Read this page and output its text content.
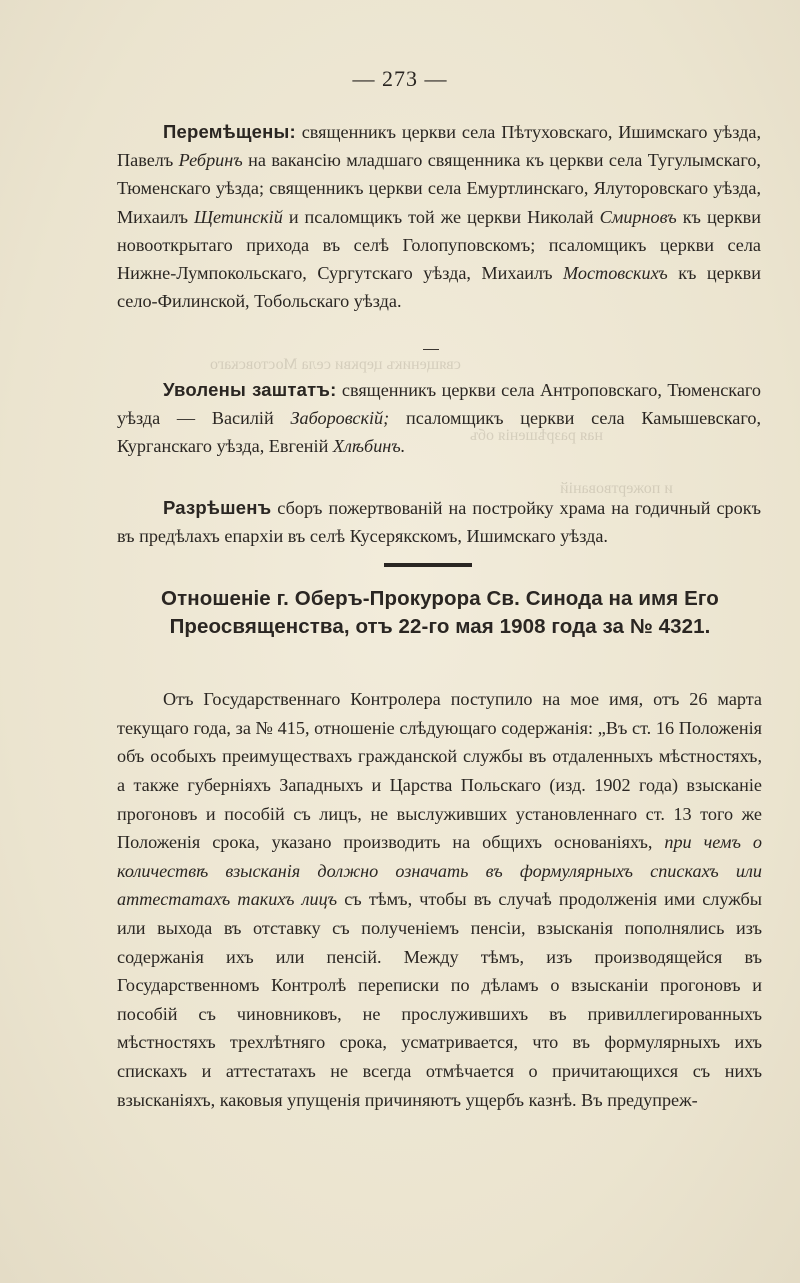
священикъ церкви села Мостовскаго
ная разрѣшенія объ
и пожертвованій
— 273 —

Перемѣщены: священникъ церкви села Пѣтуховскаго, Ишимскаго уѣзда, Павелъ Ребринъ на вакансію младшаго священника къ церкви села Тугулымскаго, Тюменскаго уѣзда; священникъ церкви села Емуртлинскаго, Ялуторовскаго уѣзда, Михаилъ Щетинскій и псаломщикъ той же церкви Николай Смирновъ къ церкви новооткрытаго прихода въ селѣ Голопуповскомъ; псаломщикъ церкви села Нижне-Лумпокольскаго, Сургутскаго уѣзда, Михаилъ Мостовскихъ къ церкви село-Филинской, Тобольскаго уѣзда.

Уволены заштатъ: священникъ церкви села Антроповскаго, Тюменскаго уѣзда — Василій Заборовскій; псаломщикъ церкви села Камышевскаго, Курганскаго уѣзда, Евгеній Хлѣбинъ.

Разрѣшенъ сборъ пожертвованій на постройку храма на годичный срокъ въ предѣлахъ епархіи въ селѣ Кусерякскомъ, Ишимскаго уѣзда.

Отношеніе г. Оберъ-Прокурора Св. Синода на имя Его Преосвященства, отъ 22-го мая 1908 года за № 4321.

Отъ Государственнаго Контролера поступило на мое имя, отъ 26 марта текущаго года, за № 415, отношеніе слѣдующаго содержанія: „Въ ст. 16 Положенія объ особыхъ преимуществахъ гражданской службы въ отдаленныхъ мѣстностяхъ, а также губерніяхъ Западныхъ и Царства Польскаго (изд. 1902 года) взысканіе прогоновъ и пособій съ лицъ, не выслуживших установленнаго ст. 13 того же Положенія срока, указано производить на общихъ основаніяхъ, при чемъ о количествѣ взысканія должно означать въ формулярныхъ спискахъ или аттестатахъ такихъ лицъ съ тѣмъ, чтобы въ случаѣ продолженія ими службы или выхода въ отставку съ полученіемъ пенсіи, взысканія пополнялись изъ содержанія ихъ или пенсій. Между тѣмъ, изъ производящейся въ Государственномъ Контролѣ переписки по дѣламъ о взысканіи прогоновъ и пособій съ чиновниковъ, не прослужившихъ въ привиллегированныхъ мѣстностяхъ трехлѣтняго срока, усматривается, что въ формулярныхъ ихъ спискахъ и аттестатахъ не всегда отмѣчается о причитающихся съ нихъ взысканіяхъ, каковыя упущенія причиняютъ ущербъ казнѣ. Въ предупреж-
